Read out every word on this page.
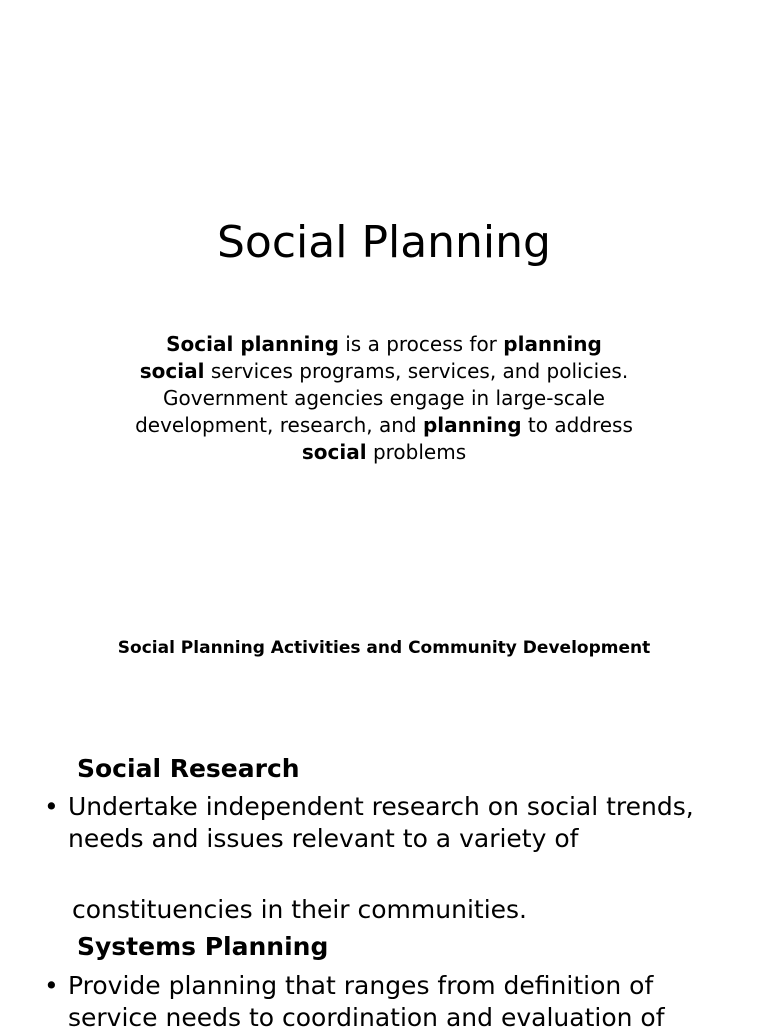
Social Planning

Social planning is a process for planning social services programs, services, and policies. Government agencies engage in large-scale development, research, and planning to address social problems

Social Planning Activities and Community Development
Social Research
• Undertake independent research on social trends, needs and issues relevant to a variety of

constituencies in their communities.

Systems Planning
• Provide planning that ranges from definition of service needs to coordination and evaluation of
